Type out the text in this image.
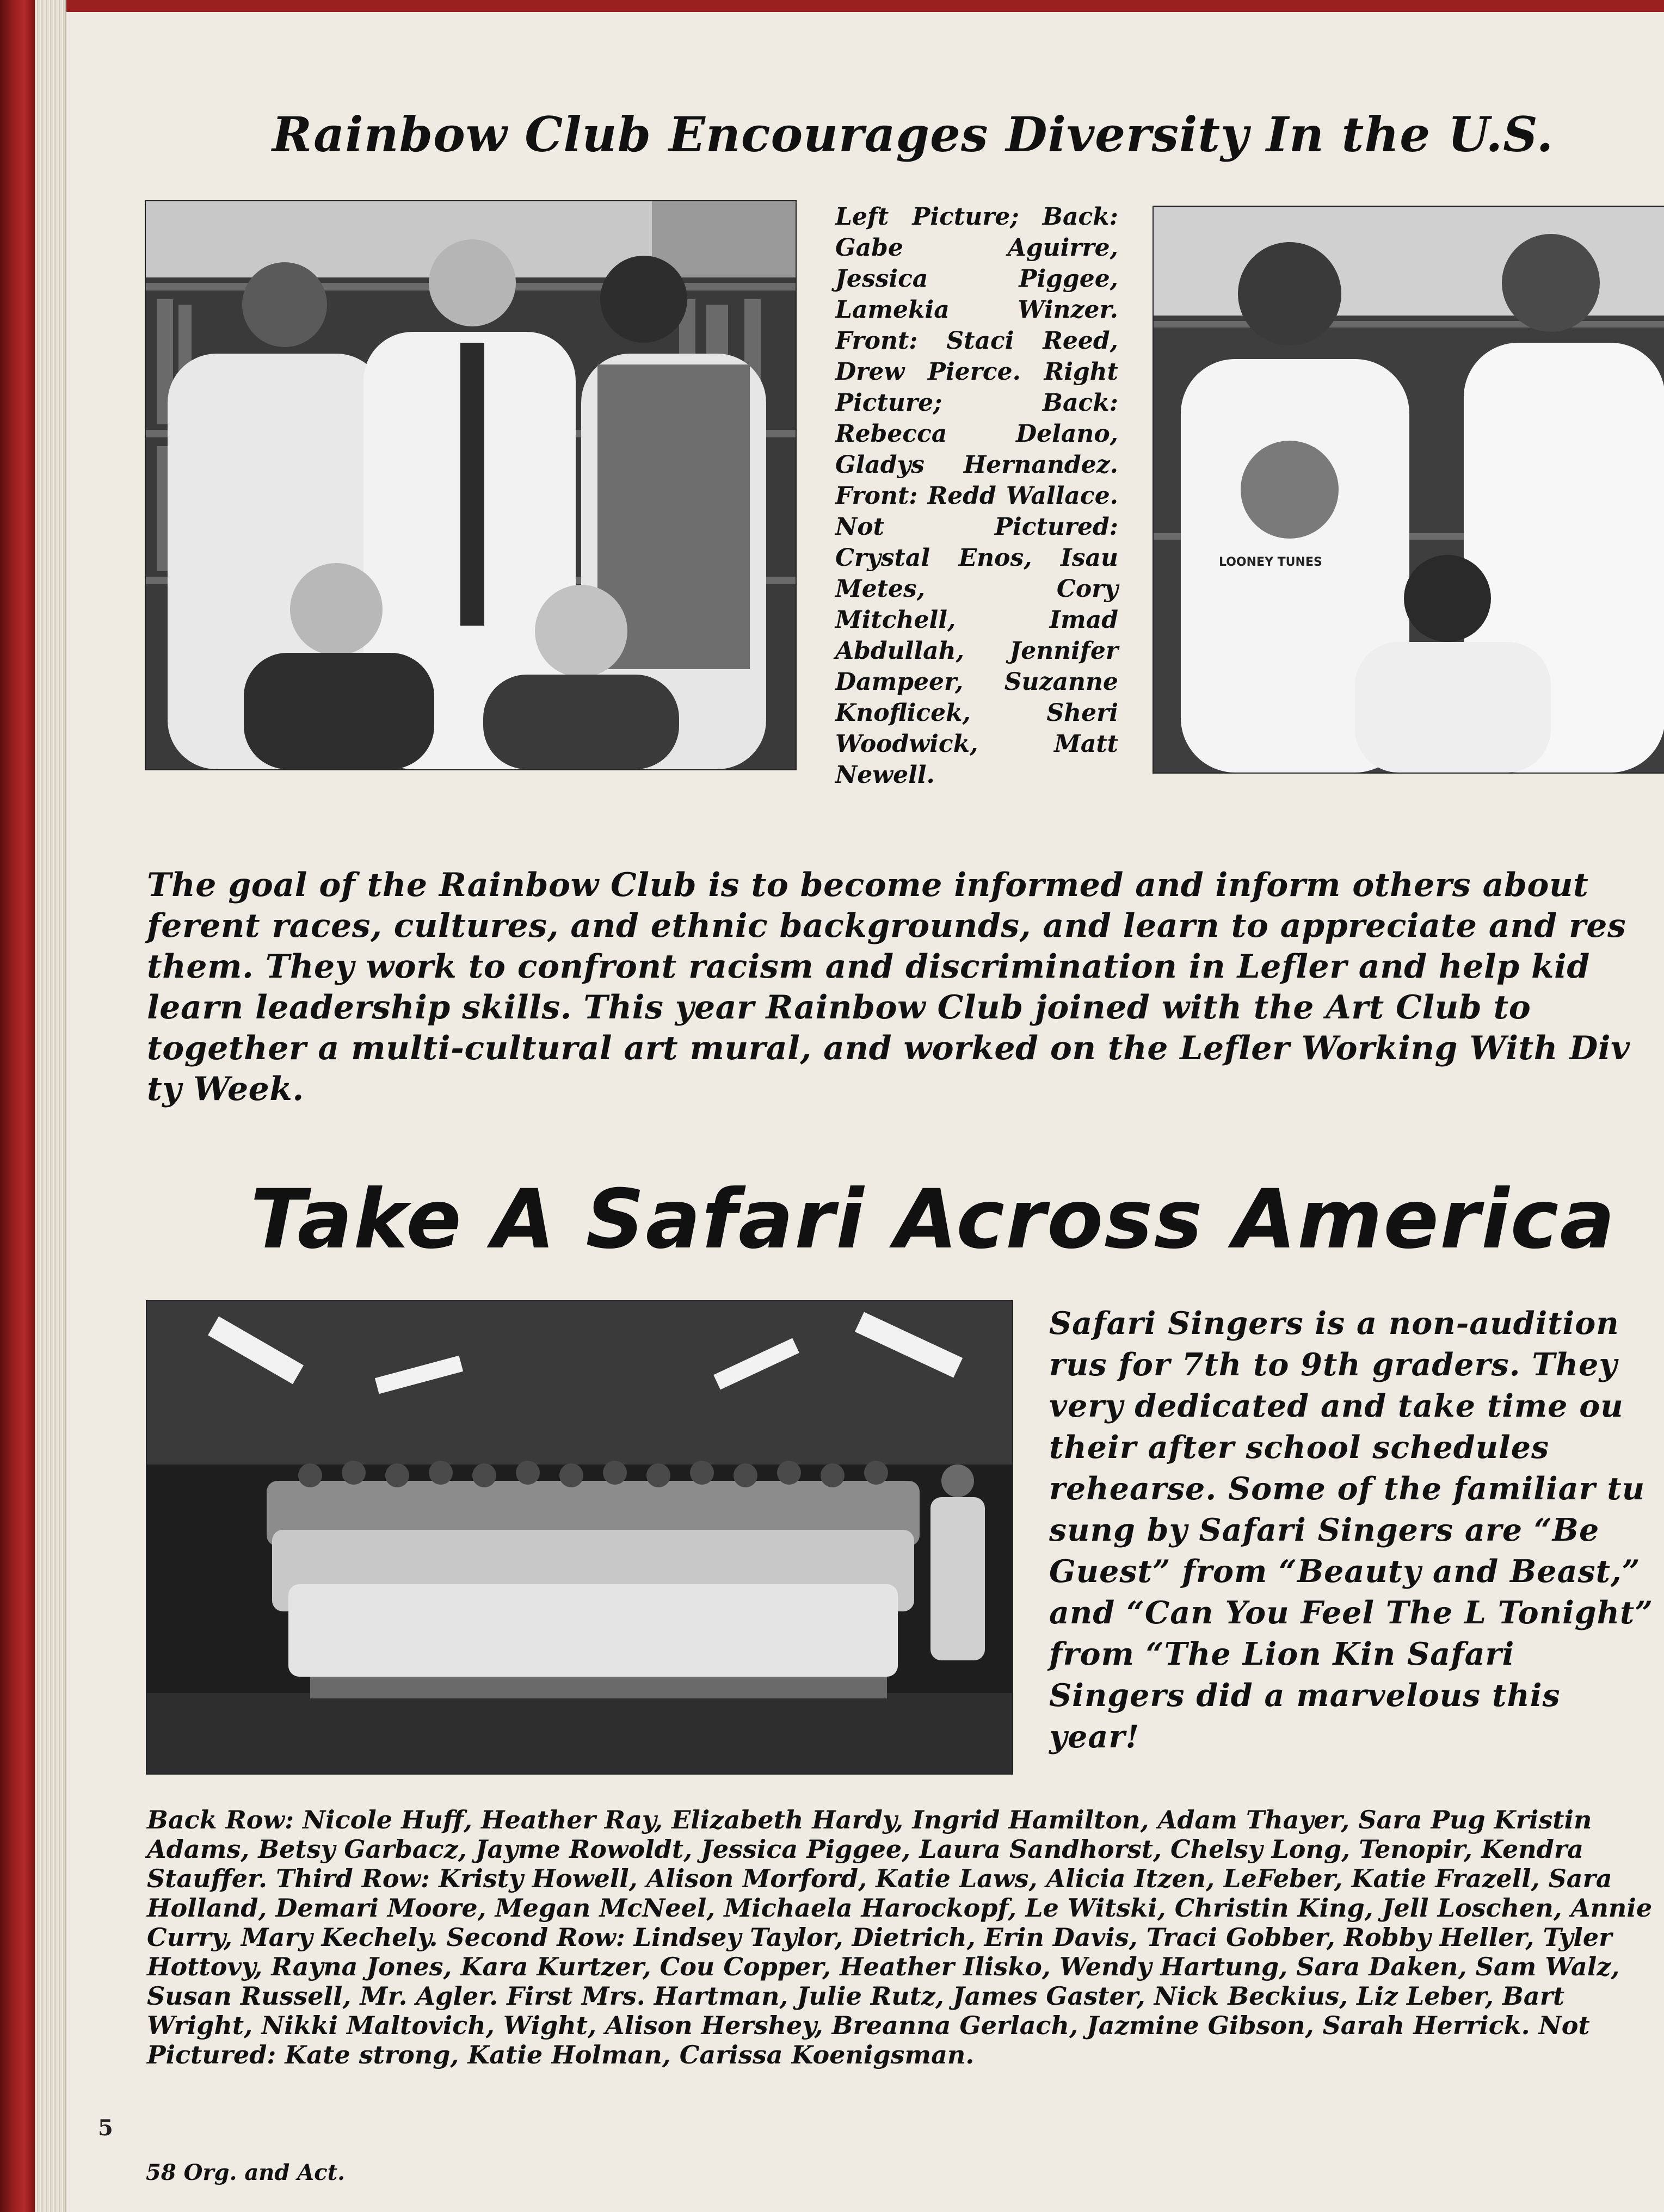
Rainbow Club Encourages Diversity In the U.S.
Left Picture; Back: Gabe Aguirre, Jessica Piggee, Lamekia Winzer. Front: Staci Reed, Drew Pierce. Right Picture; Back: Rebecca Delano, Gladys Hernandez. Front: Redd Wallace. Not Pictured: Crystal Enos, Isau Metes, Cory Mitchell, Imad Abdullah, Jennifer Dampeer, Suzanne Knoflicek, Sheri Woodwick, Matt Newell.
LOONEY TUNES
The goal of the Rainbow Club is to become informed and inform others about ferent races, cultures, and ethnic backgrounds, and learn to appreciate and res them. They work to confront racism and discrimination in Lefler and help kid learn leadership skills. This year Rainbow Club joined with the Art Club to together a multi-cultural art mural, and worked on the Lefler Working With Div ty Week.
Take A Safari Across America
Safari Singers is a non-audition rus for 7th to 9th graders. They very dedicated and take time ou their after school schedules rehearse. Some of the familiar tu sung by Safari Singers are “Be Guest” from “Beauty and Beast,” and “Can You Feel The L Tonight” from “The Lion Kin Safari Singers did a marvelous this year!
Back Row: Nicole Huff, Heather Ray, Elizabeth Hardy, Ingrid Hamilton, Adam Thayer, Sara Pug Kristin Adams, Betsy Garbacz, Jayme Rowoldt, Jessica Piggee, Laura Sandhorst, Chelsy Long, Tenopir, Kendra Stauffer. Third Row: Kristy Howell, Alison Morford, Katie Laws, Alicia Itzen, LeFeber, Katie Frazell, Sara Holland, Demari Moore, Megan McNeel, Michaela Harockopf, Le Witski, Christin King, Jell Loschen, Annie Curry, Mary Kechely. Second Row: Lindsey Taylor, Dietrich, Erin Davis, Traci Gobber, Robby Heller, Tyler Hottovy, Rayna Jones, Kara Kurtzer, Cou Copper, Heather Ilisko, Wendy Hartung, Sara Daken, Sam Walz, Susan Russell, Mr. Agler. First Mrs. Hartman, Julie Rutz, James Gaster, Nick Beckius, Liz Leber, Bart Wright, Nikki Maltovich, Wight, Alison Hershey, Breanna Gerlach, Jazmine Gibson, Sarah Herrick. Not Pictured: Kate strong, Katie Holman, Carissa Koenigsman.
5
58 Org. and Act.
